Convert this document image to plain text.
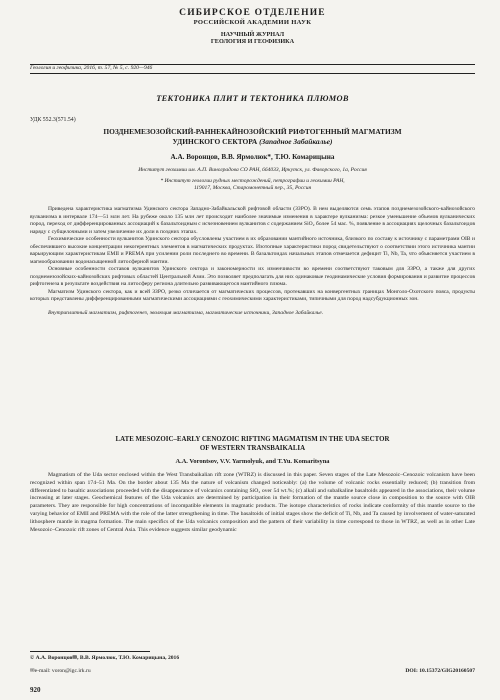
СИБИРСКОЕ ОТДЕЛЕНИЕ
РОССИЙСКОЙ АКАДЕМИИ НАУК
НАУЧНЫЙ ЖУРНАЛ
ГЕОЛОГИЯ И ГЕОФИЗИКА
Геология и геофизика, 2016, т. 57, № 5, с. 920—946
ТЕКТОНИКА ПЛИТ И ТЕКТОНИКА ПЛЮМОВ
УДК 552.3(571.54)
ПОЗДНЕМЕЗОЗОЙСКИЙ-РАННЕКАЙНОЗОЙСКИЙ РИФТОГЕННЫЙ МАГМАТИЗМ
УДИНСКОГО СЕКТОРА (Западное Забайкалье)
А.А. Воронцов, В.В. Ярмолюк*, Т.Ю. Комарицына
Институт геохимии им. А.П. Виноградова СО РАН, 664033, Иркутск, ул. Фаворского, 1а, Россия
* Институт геологии рудных месторождений, петрографии и геохимии РАН,
119017, Москва, Старомонетный пер., 35, Россия

Приведена характеристика магматизма Удинского сектора Западно-Забайкальской рифтовой области (ЗЗРО). В нем выделяются семь этапов позднемезозойского-кайнозойского вулканизма в интервале 174—51 млн лет. На рубеже около 135 млн лет происходит наиболее значимые изменения в характере вулканизма: резкое уменьшение объемов вулканических пород, переход от дифференцированных ассоциаций к базальтоидным с исчезновением вулканитов с содержанием SiO₂ более 54 мас. %, появление в ассоциациях щелочных базальтоидов наряду с субщелочными и затем увеличение их доли в поздних этапах.

Геохимические особенности вулканитов Удинского сектора обусловлены участием в их образовании мантийного источника, близкого по составу к источнику с параметрами OIB и обеспечившего высокие концентрации некогерентных элементов в магматических продуктах. Изотопные характеристики пород свидетельствуют о соответствии этого источника мантии варьирующим характеристикам EMII и PREMA при усилении роли последнего во времени. В базальтоидах начальных этапов отмечается дефицит Ti, Nb, Ta, что объясняется участием в магмообразовании водонасыщенной литосферной мантии.

Основные особенности составов вулканитов Удинского сектора и закономерности их изменчивости во времени соответствуют таковым для ЗЗРО, а также для других позднемезозойских-кайнозойских рифтовых областей Центральной Азии. Это позволяет предполагать для них одинаковые геодинамические условия формирования и развитие процессов рифтогенеза в результате воздействия на литосферу региона длительно развивающегося мантийного плюма.

Магматизм Удинского сектора, как и всей ЗЗРО, резко отличается от магматических процессов, протекавших на конвергентных границах Монголо-Охотского пояса, продукты которых представлены дифференцированными магматическими ассоциациями с геохимическими характеристиками, типичными для пород надсубдукционных зон.

Внутриплитный магматизм, рифтогенез, эволюция магматизма, магматические источники, Западное Забайкалье.

LATE MESOZOIC–EARLY CENOZOIC RIFTING MAGMATISM IN THE UDA SECTOR
OF WESTERN TRANSBAIKALIA
A.A. Vorontsov, V.V. Yarmolyuk, and T.Yu. Komaritsyna

Magmatism of the Uda sector enclosed within the West Transbaikalian rift zone (WTRZ) is discussed in this paper. Seven stages of the Late Mesozoic–Cenozoic volcanism have been recognized within span 174–51 Ma. On the border about 135 Ma the nature of volcanism changed noticeably: (a) the volume of volcanic rocks essentially reduced; (b) transition from differentiated to basaltic associations proceeded with the disappearance of volcanics containing SiO₂ over 54 wt.%; (c) alkali and subalkaline basaltoids appeared in the associations, their volume increasing at later stages. Geochemical features of the Uda volcanics are determined by participation in their formation of the mantle source close in composition to the source with OIB parameters. They are responsible for high concentrations of incompatible elements in magmatic products. The isotope characteristics of rocks indicate conformity of this mantle source to the varying behavior of EMII and PREMA with the role of the latter strengthening in time. The basaltoids of initial stages show the deficit of Ti, Nb, and Ta caused by involvement of water-saturated lithosphere mantle in magma formation. The main specifics of the Uda volcanics composition and the pattern of their variability in time correspond to those in WTRZ, as well as in other Late Mesozoic–Cenozoic rift zones of Central Asia. This evidence suggests similar geodynamic

© А.А. Воронцов✉, В.В. Ярмолюк, Т.Ю. Комарицына, 2016
✉e-mail: voron@igc.irk.ru	DOI: 10.15372/GIG20160507
920
